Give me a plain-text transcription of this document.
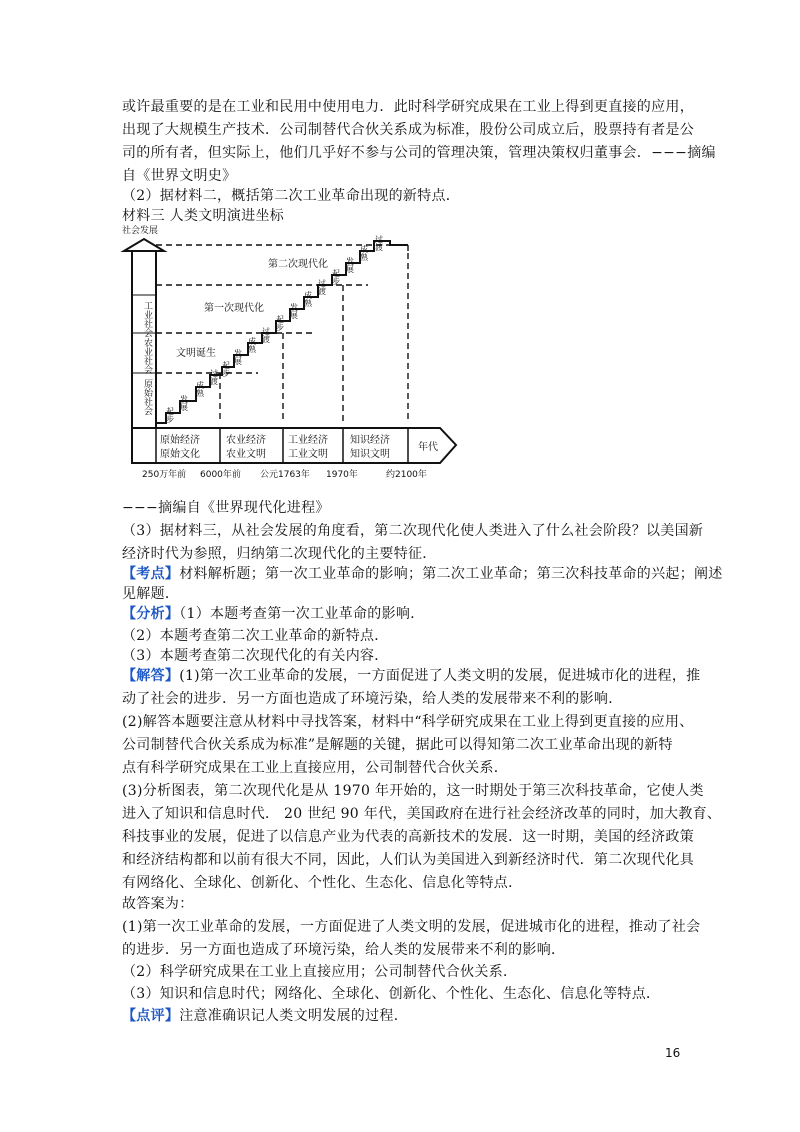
或许最重要的是在工业和民用中使用电力．此时科学研究成果在工业上得到更直接的应用，
出现了大规模生产技术．公司制替代合伙关系成为标准，股份公司成立后，股票持有者是公
司的所有者，但实际上，他们几乎好不参与公司的管理决策，管理决策权归董事会．−−−摘编
自《世界文明史》
（2）据材料二，概括第二次工业革命出现的新特点．
材料三 人类文明演进坐标
社会发展
工业社会
农业社会
原始社会
第二次现代化
第一次现代化
文明诞生
起步
发展
成熟
过渡 起步
发展
成熟
过渡
起步
发展
成熟
过渡
起步
发展
成熟
过渡
原始经济
原始文化
农业经济
农业文明
工业经济
工业文明
知识经济
知识文明
年代
250万年前 6000年前 公元1763年 1970年	约2100年
−−−摘编自《世界现代化进程》
（3）据材料三，从社会发展的角度看，第二次现代化使人类进入了什么社会阶段？以美国新
经济时代为参照，归纳第二次现代化的主要特征．
【考点】材料解析题；第一次工业革命的影响；第二次工业革命；第三次科技革命的兴起；阐述
见解题．
【分析】（1）本题考查第一次工业革命的影响．
（2）本题考查第二次工业革命的新特点．
（3）本题考查第二次现代化的有关内容．
【解答】(1)第一次工业革命的发展，一方面促进了人类文明的发展，促进城市化的进程，推
动了社会的进步．另一方面也造成了环境污染，给人类的发展带来不利的影响．
(2)解答本题要注意从材料中寻找答案，材料中“科学研究成果在工业上得到更直接的应用、
公司制替代合伙关系成为标准”是解题的关键，据此可以得知第二次工业革命出现的新特
点有科学研究成果在工业上直接应用，公司制替代合伙关系．
(3)分析图表，第二次现代化是从 1970 年开始的，这一时期处于第三次科技革命，它使人类
进入了知识和信息时代． 20 世纪 90 年代，美国政府在进行社会经济改革的同时，加大教育、
科技事业的发展，促进了以信息产业为代表的高新技术的发展．这一时期，美国的经济政策
和经济结构都和以前有很大不同，因此，人们认为美国进入到新经济时代．第二次现代化具
有网络化、全球化、创新化、个性化、生态化、信息化等特点．
故答案为：
(1)第一次工业革命的发展，一方面促进了人类文明的发展，促进城市化的进程，推动了社会
的进步．另一方面也造成了环境污染，给人类的发展带来不利的影响．
（2）科学研究成果在工业上直接应用；公司制替代合伙关系．
（3）知识和信息时代；网络化、全球化、创新化、个性化、生态化、信息化等特点．
【点评】注意准确识记人类文明发展的过程．
16
